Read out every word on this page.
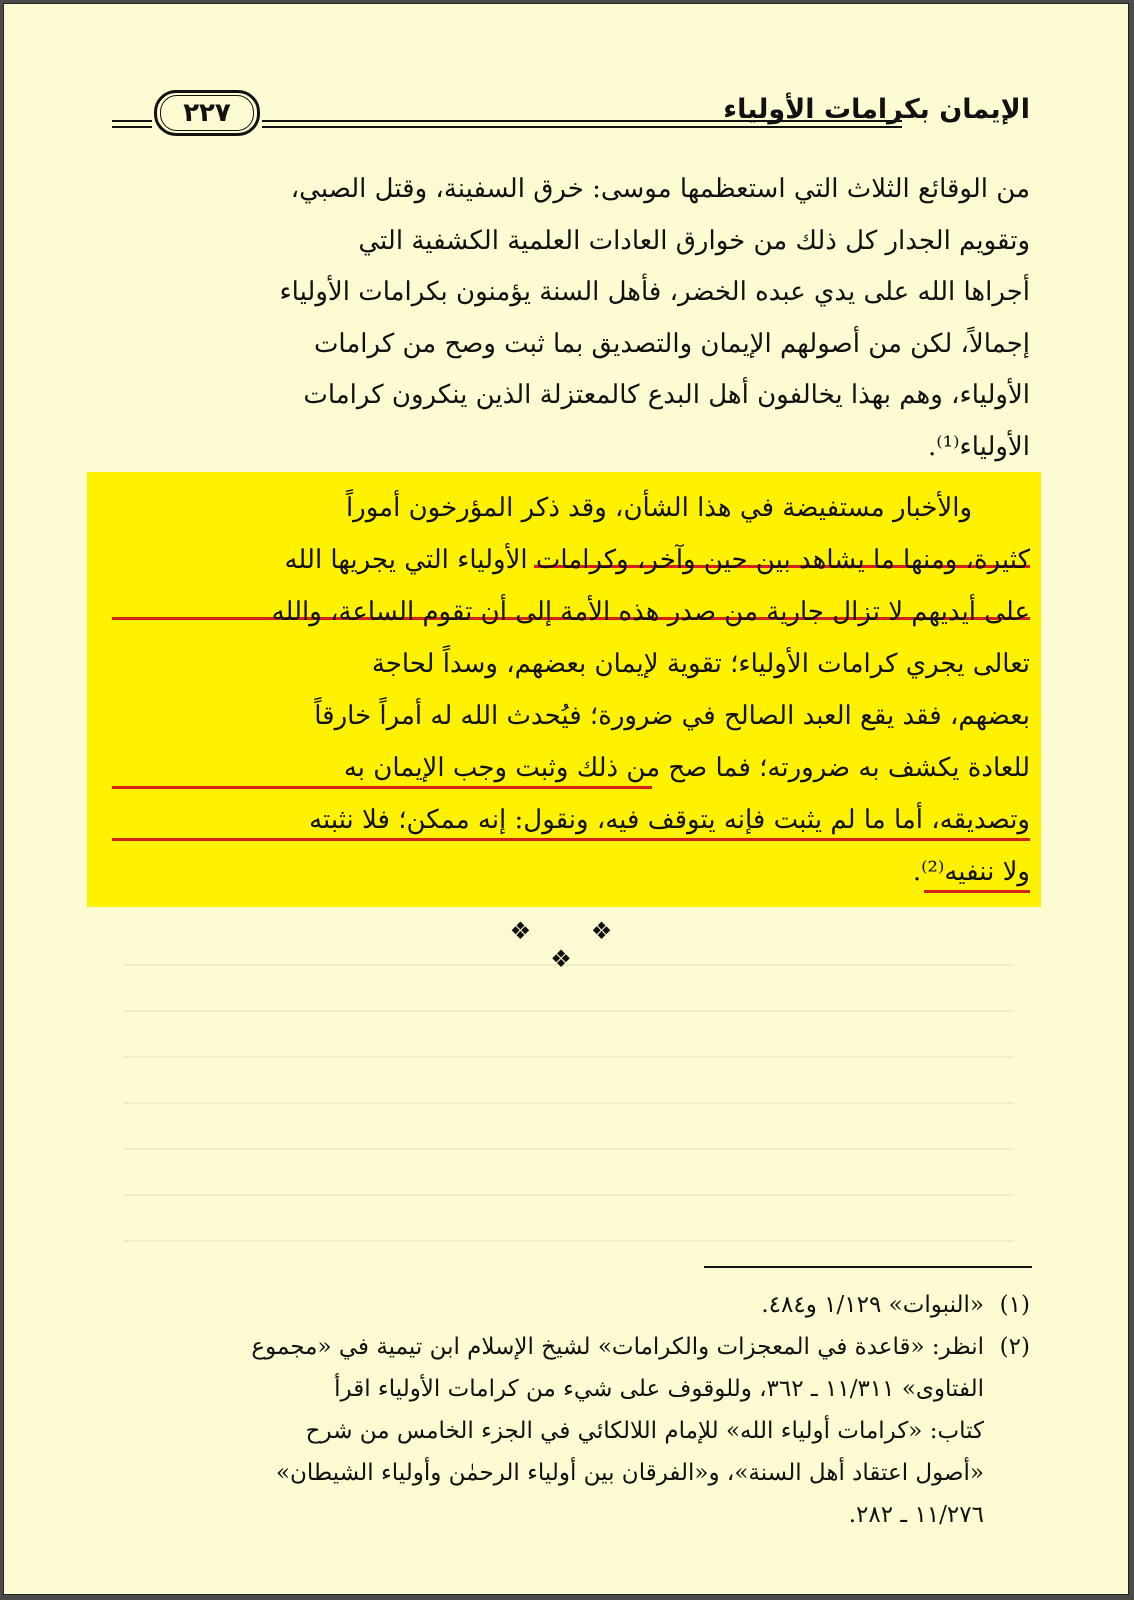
الإيمان بكرامات الأولياء
٢٢٧
من الوقائع الثلاث التي استعظمها موسى: خرق السفينة، وقتل الصبي،
وتقويم الجدار كل ذلك من خوارق العادات العلمية الكشفية التي
أجراها الله على يدي عبده الخضر، فأهل السنة يؤمنون بكرامات الأولياء
إجمالاً، لكن من أصولهم الإيمان والتصديق بما ثبت وصح من كرامات
الأولياء، وهم بهذا يخالفون أهل البدع كالمعتزلة الذين ينكرون كرامات
الأولياء⁽¹⁾.
والأخبار مستفيضة في هذا الشأن، وقد ذكر المؤرخون أموراً
كثيرة، ومنها ما يشاهد بين حين وآخر، وكرامات الأولياء التي يجريها الله
على أيديهم لا تزال جارية من صدر هذه الأمة إلى أن تقوم الساعة، والله
تعالى يجري كرامات الأولياء؛ تقوية لإيمان بعضهم، وسداً لحاجة
بعضهم، فقد يقع العبد الصالح في ضرورة؛ فيُحدث الله له أمراً خارقاً
للعادة يكشف به ضرورته؛ فما صح من ذلك وثبت وجب الإيمان به
وتصديقه، أما ما لم يثبت فإنه يتوقف فيه، ونقول: إنه ممكن؛ فلا نثبته
ولا ننفيه⁽²⁾.
❖ ❖ ❖
(١)«النبوات» ١/١٢٩ و٤٨٤.
(٢)انظر: «قاعدة في المعجزات والكرامات» لشيخ الإسلام ابن تيمية في «مجموع
الفتاوى» ١١/٣١١ ـ ٣٦٢، وللوقوف على شيء من كرامات الأولياء اقرأ
كتاب: «كرامات أولياء الله» للإمام اللالكائي في الجزء الخامس من شرح
«أصول اعتقاد أهل السنة»، و«الفرقان بين أولياء الرحمٰن وأولياء الشيطان»
١١/٢٧٦ ـ ٢٨٢.
